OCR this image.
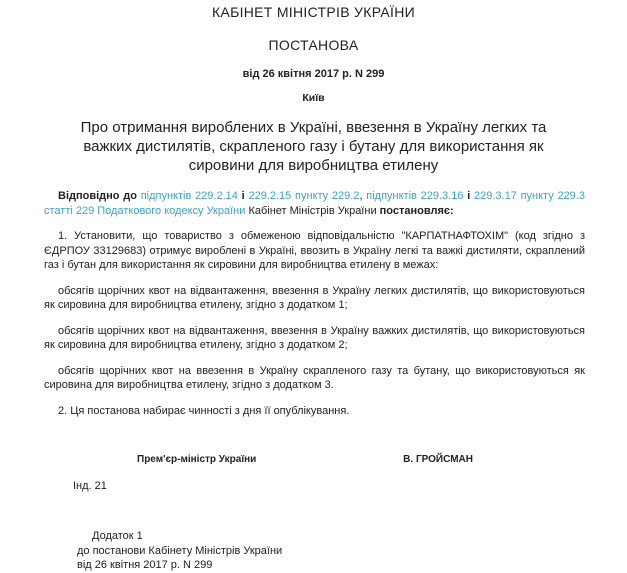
КАБІНЕТ МІНІСТРІВ УКРАЇНИ
ПОСТАНОВА
від 26 квітня 2017 р. N 299
Київ
Про отримання вироблених в Україні, ввезення в Україну легких та важких дистилятів, скрапленого газу і бутану для використання як сировини для виробництва етилену

Відповідно до підпунктів 229.2.14 і 229.2.15 пункту 229.2, підпунктів 229.3.16 і 229.3.17 пункту 229.3 статті 229 Податкового кодексу України Кабінет Міністрів України постановляє:

1. Установити, що товариство з обмеженою відповідальністю "КАРПАТНАФТОХІМ" (код згідно з ЄДРПОУ 33129683) отримує вироблені в Україні, ввозить в Україну легкі та важкі дистиляти, скраплений газ і бутан для використання як сировини для виробництва етилену в межах:

обсягів щорічних квот на відвантаження, ввезення в Україну легких дистилятів, що використовуються як сировина для виробництва етилену, згідно з додатком 1;

обсягів щорічних квот на відвантаження, ввезення в Україну важких дистилятів, що використовуються як сировина для виробництва етилену, згідно з додатком 2;

обсягів щорічних квот на ввезення в Україну скрапленого газу та бутану, що використовуються як сировина для виробництва етилену, згідно з додатком 3.

2. Ця постанова набирає чинності з дня її опублікування.

Прем'єр-міністр України	В. ГРОЙСМАН
Інд. 21
Додаток 1
до постанови Кабінету Міністрів України
від 26 квітня 2017 р. N 299
